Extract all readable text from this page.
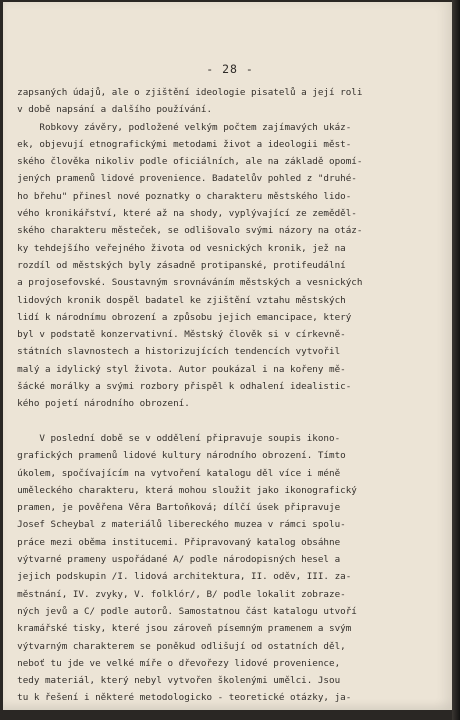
- 28 -
zapsaných údajů, ale o zjištění ideologie pisatelů a její roli
v době napsání a dalšího používání.
Robkovy závěry, podložené velkým počtem zajímavých ukáz-
ek, objevují etnografickými metodami život a ideologii měst-
ského člověka nikoliv podle oficiálních, ale na základě opomí-
jených pramenů lidové provenience. Badatelův pohled z "druhé-
ho břehu" přinesl nové poznatky o charakteru městského lido-
vého kronikářství, které až na shody, vyplývající ze zeměděl-
ského charakteru městeček, se odlišovalo svými názory na otáz-
ky tehdejšího veřejného života od vesnických kronik, jež na
rozdíl od městských byly zásadně protipanské, protifeudální
a projosefovské. Soustavným srovnáváním městských a vesnických
lidových kronik dospěl badatel ke zjištění vztahu městských
lidí k národnímu obrození a způsobu jejich emancipace, který
byl v podstatě konzervativní. Městský člověk si v církevně-
státních slavnostech a historizujících tendencích vytvořil
malý a idylický styl života. Autor poukázal i na kořeny mě-
šácké morálky a svými rozbory přispěl k odhalení idealistic-
kého pojetí národního obrození.
V poslední době se v oddělení připravuje soupis ikono-
grafických pramenů lidové kultury národního obrození. Tímto
úkolem, spočívajícím na vytvoření katalogu děl více i méně
uměleckého charakteru, která mohou sloužit jako ikonografický
pramen, je pověřena Věra Bartoňková; dílčí úsek připravuje
Josef Scheybal z materiálů libereckého muzea v rámci spolu-
práce mezi oběma institucemi. Připravovaný katalog obsáhne
výtvarné prameny uspořádané A/ podle národopisných hesel a
jejich podskupin /I. lidová architektura, II. oděv, III. za-
městnání, IV. zvyky, V. folklór/, B/ podle lokalit zobraze-
ných jevů a C/ podle autorů. Samostatnou část katalogu utvoří
kramářské tisky, které jsou zároveň písemným pramenem a svým
výtvarným charakterem se poněkud odlišují od ostatních děl,
neboť tu jde ve velké míře o dřevořezy lidové provenience,
tedy materiál, který nebyl vytvořen školenými umělci. Jsou
tu k řešení i některé metodologicko - teoretické otázky, ja-
